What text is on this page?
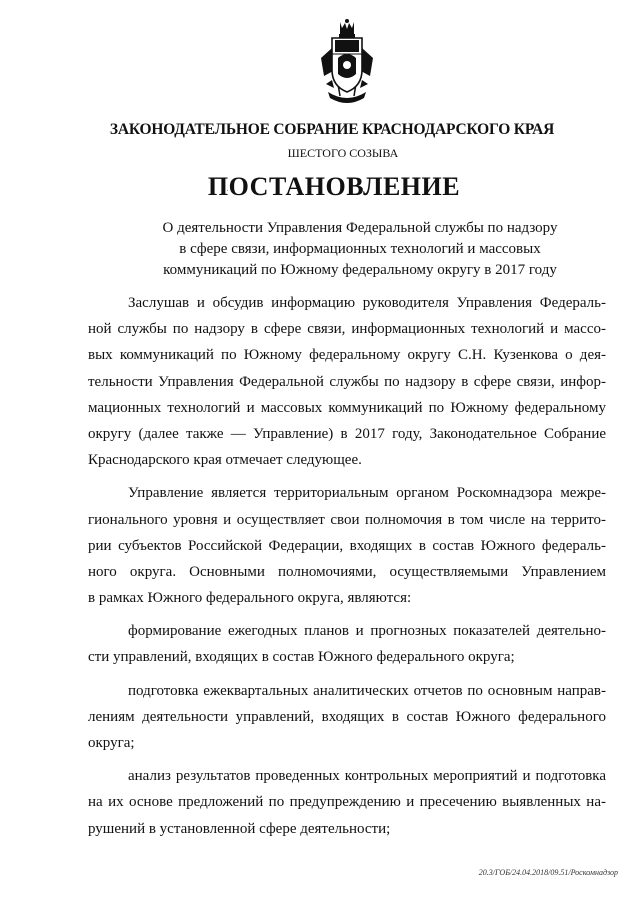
ЗАКОНОДАТЕЛЬНОЕ СОБРАНИЕ КРАСНОДАРСКОГО КРАЯ
ШЕСТОГО СОЗЫВА
ПОСТАНОВЛЕНИЕ
О деятельности Управления Федеральной службы по надзору
в сфере связи, информационных технологий и массовых
коммуникаций по Южному федеральному округу в 2017 году
Заслушав и обсудив информацию руководителя Управления Федераль-
ной службы по надзору в сфере связи, информационных технологий и массо-
вых коммуникаций по Южному федеральному округу С.Н. Кузенкова о дея-
тельности Управления Федеральной службы по надзору в сфере связи, инфор-
мационных технологий и массовых коммуникаций по Южному федеральному
округу (далее также — Управление) в 2017 году, Законодательное Собрание
Краснодарского края отмечает следующее.
Управление является территориальным органом Роскомнадзора межре-
гионального уровня и осуществляет свои полномочия в том числе на террито-
рии субъектов Российской Федерации, входящих в состав Южного федераль-
ного округа. Основными полномочиями, осуществляемыми Управлением
в рамках Южного федерального округа, являются:
формирование ежегодных планов и прогнозных показателей деятельно-
сти управлений, входящих в состав Южного федерального округа;
подготовка ежеквартальных аналитических отчетов по основным направ-
лениям деятельности управлений, входящих в состав Южного федерального
округа;
анализ результатов проведенных контрольных мероприятий и подготовка
на их основе предложений по предупреждению и пресечению выявленных на-
рушений в установленной сфере деятельности;
20.3/ГОБ/24.04.2018/09.51/Роскомнадзор
